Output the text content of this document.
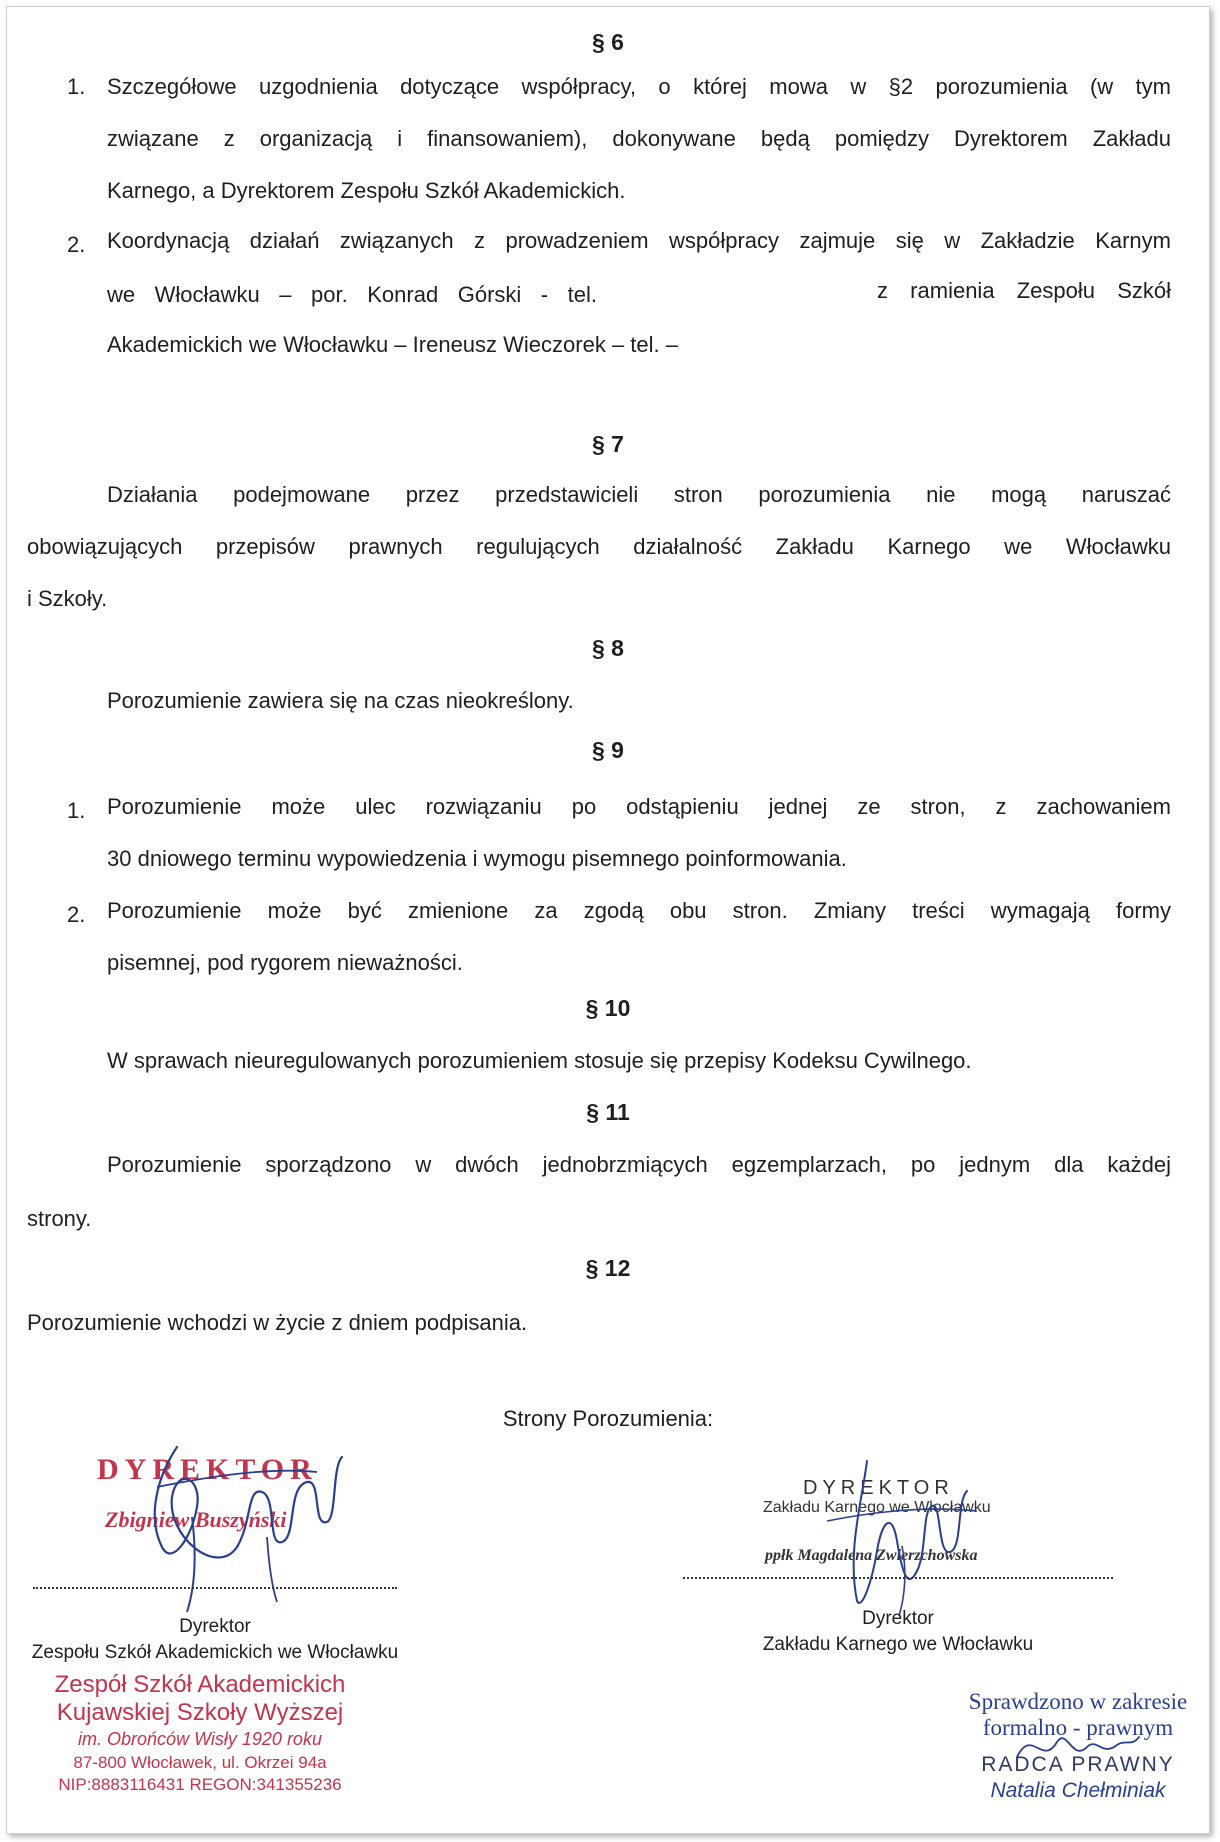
§ 6
1. Szczegółowe uzgodnienia dotyczące współpracy, o której mowa w §2 porozumienia (w tym
związane z organizacją i finansowaniem), dokonywane będą pomiędzy Dyrektorem Zakładu
Karnego, a Dyrektorem Zespołu Szkół Akademickich.
2. Koordynacją działań związanych z prowadzeniem współpracy zajmuje się w Zakładzie Karnym
we Włocławku – por. Konrad Górski - tel.	z ramienia Zespołu Szkół
Akademickich we Włocławku – Ireneusz Wieczorek – tel. –
§ 7
Działania podejmowane przez przedstawicieli stron porozumienia nie mogą naruszać
obowiązujących przepisów prawnych regulujących działalność Zakładu Karnego we Włocławku
i Szkoły.
§ 8
Porozumienie zawiera się na czas nieokreślony.
§ 9
1. Porozumienie może ulec rozwiązaniu po odstąpieniu jednej ze stron, z zachowaniem
30 dniowego terminu wypowiedzenia i wymogu pisemnego poinformowania.
2. Porozumienie może być zmienione za zgodą obu stron. Zmiany treści wymagają formy
pisemnej, pod rygorem nieważności.
§ 10
W sprawach nieuregulowanych porozumieniem stosuje się przepisy Kodeksu Cywilnego.
§ 11
Porozumienie sporządzono w dwóch jednobrzmiących egzemplarzach, po jednym dla każdej
strony.
§ 12
Porozumienie wchodzi w życie z dniem podpisania.
Strony Porozumienia:
DYREKTOR
Zbigniew Buszyński
Dyrektor
Zespołu Szkół Akademickich we Włocławku
Zespół Szkół Akademickich
Kujawskiej Szkoły Wyższej
im. Obrońców Wisły 1920 roku
87-800 Włocławek, ul. Okrzei 94a
NIP:8883116431 REGON:341355236
DYREKTOR
Zakładu Karnego we Włocławku
ppłk Magdalena Zwierzchowska
Dyrektor
Zakładu Karnego we Włocławku
Sprawdzono w zakresie
formalno - prawnym
RADCA PRAWNY
Natalia Chełminiak
